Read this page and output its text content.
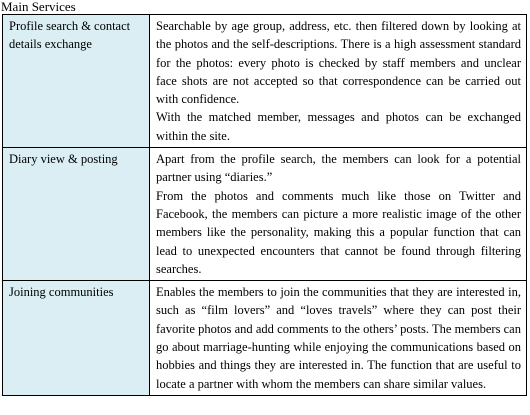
Main Services
Profile search & contact details exchange	Searchable by age group, address, etc. then filtered down by looking at the photos and the self-descriptions. There is a high assessment standard for the photos: every photo is checked by staff members and unclear face shots are not accepted so that correspondence can be carried out with confidence.

With the matched member, messages and photos can be exchanged within the site.

Diary view & posting	Apart from the profile search, the members can look for a potential partner using “diaries.”

From the photos and comments much like those on Twitter and Facebook, the members can picture a more realistic image of the other members like the personality, making this a popular function that can lead to unexpected encounters that cannot be found through filtering searches.

Joining communities	Enables the members to join the communities that they are interested in, such as “film lovers” and “loves travels” where they can post their favorite photos and add comments to the others’ posts. The members can go about marriage-hunting while enjoying the communications based on hobbies and things they are interested in. The function that are useful to locate a partner with whom the members can share similar values.
